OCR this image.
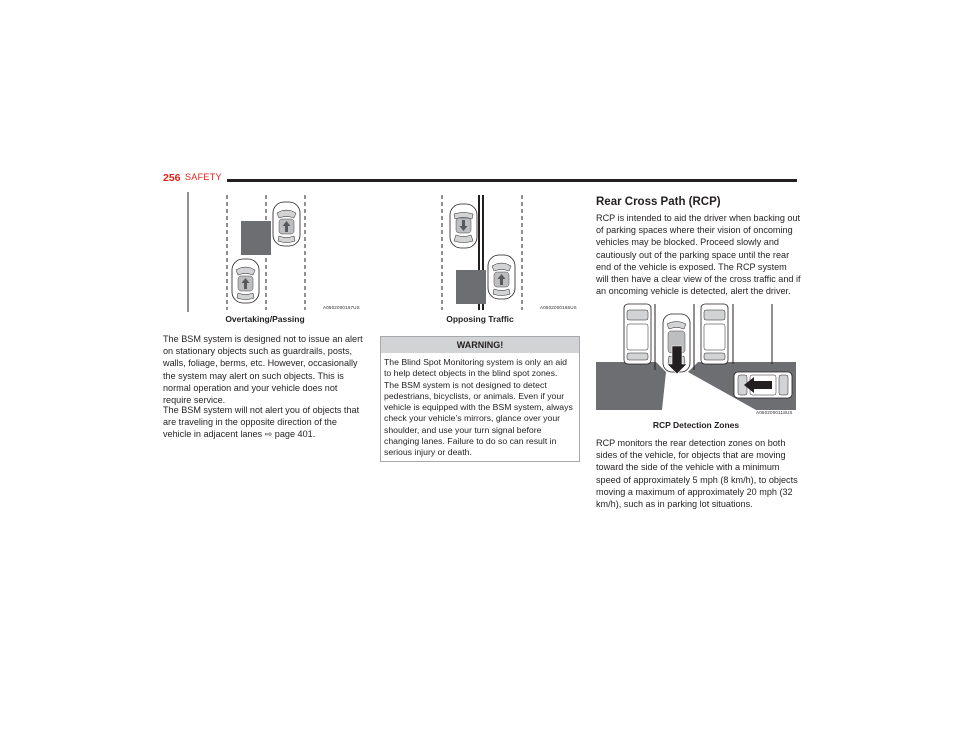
256 SAFETY
A0502000167US
Overtaking/Passing
A0502000165US
Opposing Traffic

The BSM system is designed not to issue an alert on stationary objects such as guardrails, posts, walls, foliage, berms, etc. However, occasionally the system may alert on such objects. This is normal operation and your vehicle does not require service.

The BSM system will not alert you of objects that are traveling in the opposite direction of the vehicle in adjacent lanes ⇨ page 401.

WARNING!

The Blind Spot Monitoring system is only an aid to help detect objects in the blind spot zones. The BSM system is not designed to detect pedestrians, bicyclists, or animals. Even if your vehicle is equipped with the BSM system, always check your vehicle’s mirrors, glance over your shoulder, and use your turn signal before changing lanes. Failure to do so can result in serious injury or death.

Rear Cross Path (RCP)

RCP is intended to aid the driver when backing out of parking spaces where their vision of oncoming vehicles may be blocked. Proceed slowly and cautiously out of the parking space until the rear end of the vehicle is exposed. The RCP system will then have a clear view of the cross traffic and if an oncoming vehicle is detected, alert the driver.

A0502000118US
RCP Detection Zones

RCP monitors the rear detection zones on both sides of the vehicle, for objects that are moving toward the side of the vehicle with a minimum speed of approximately 5 mph (8 km/h), to objects moving a maximum of approximately 20 mph (32 km/h), such as in parking lot situations.
